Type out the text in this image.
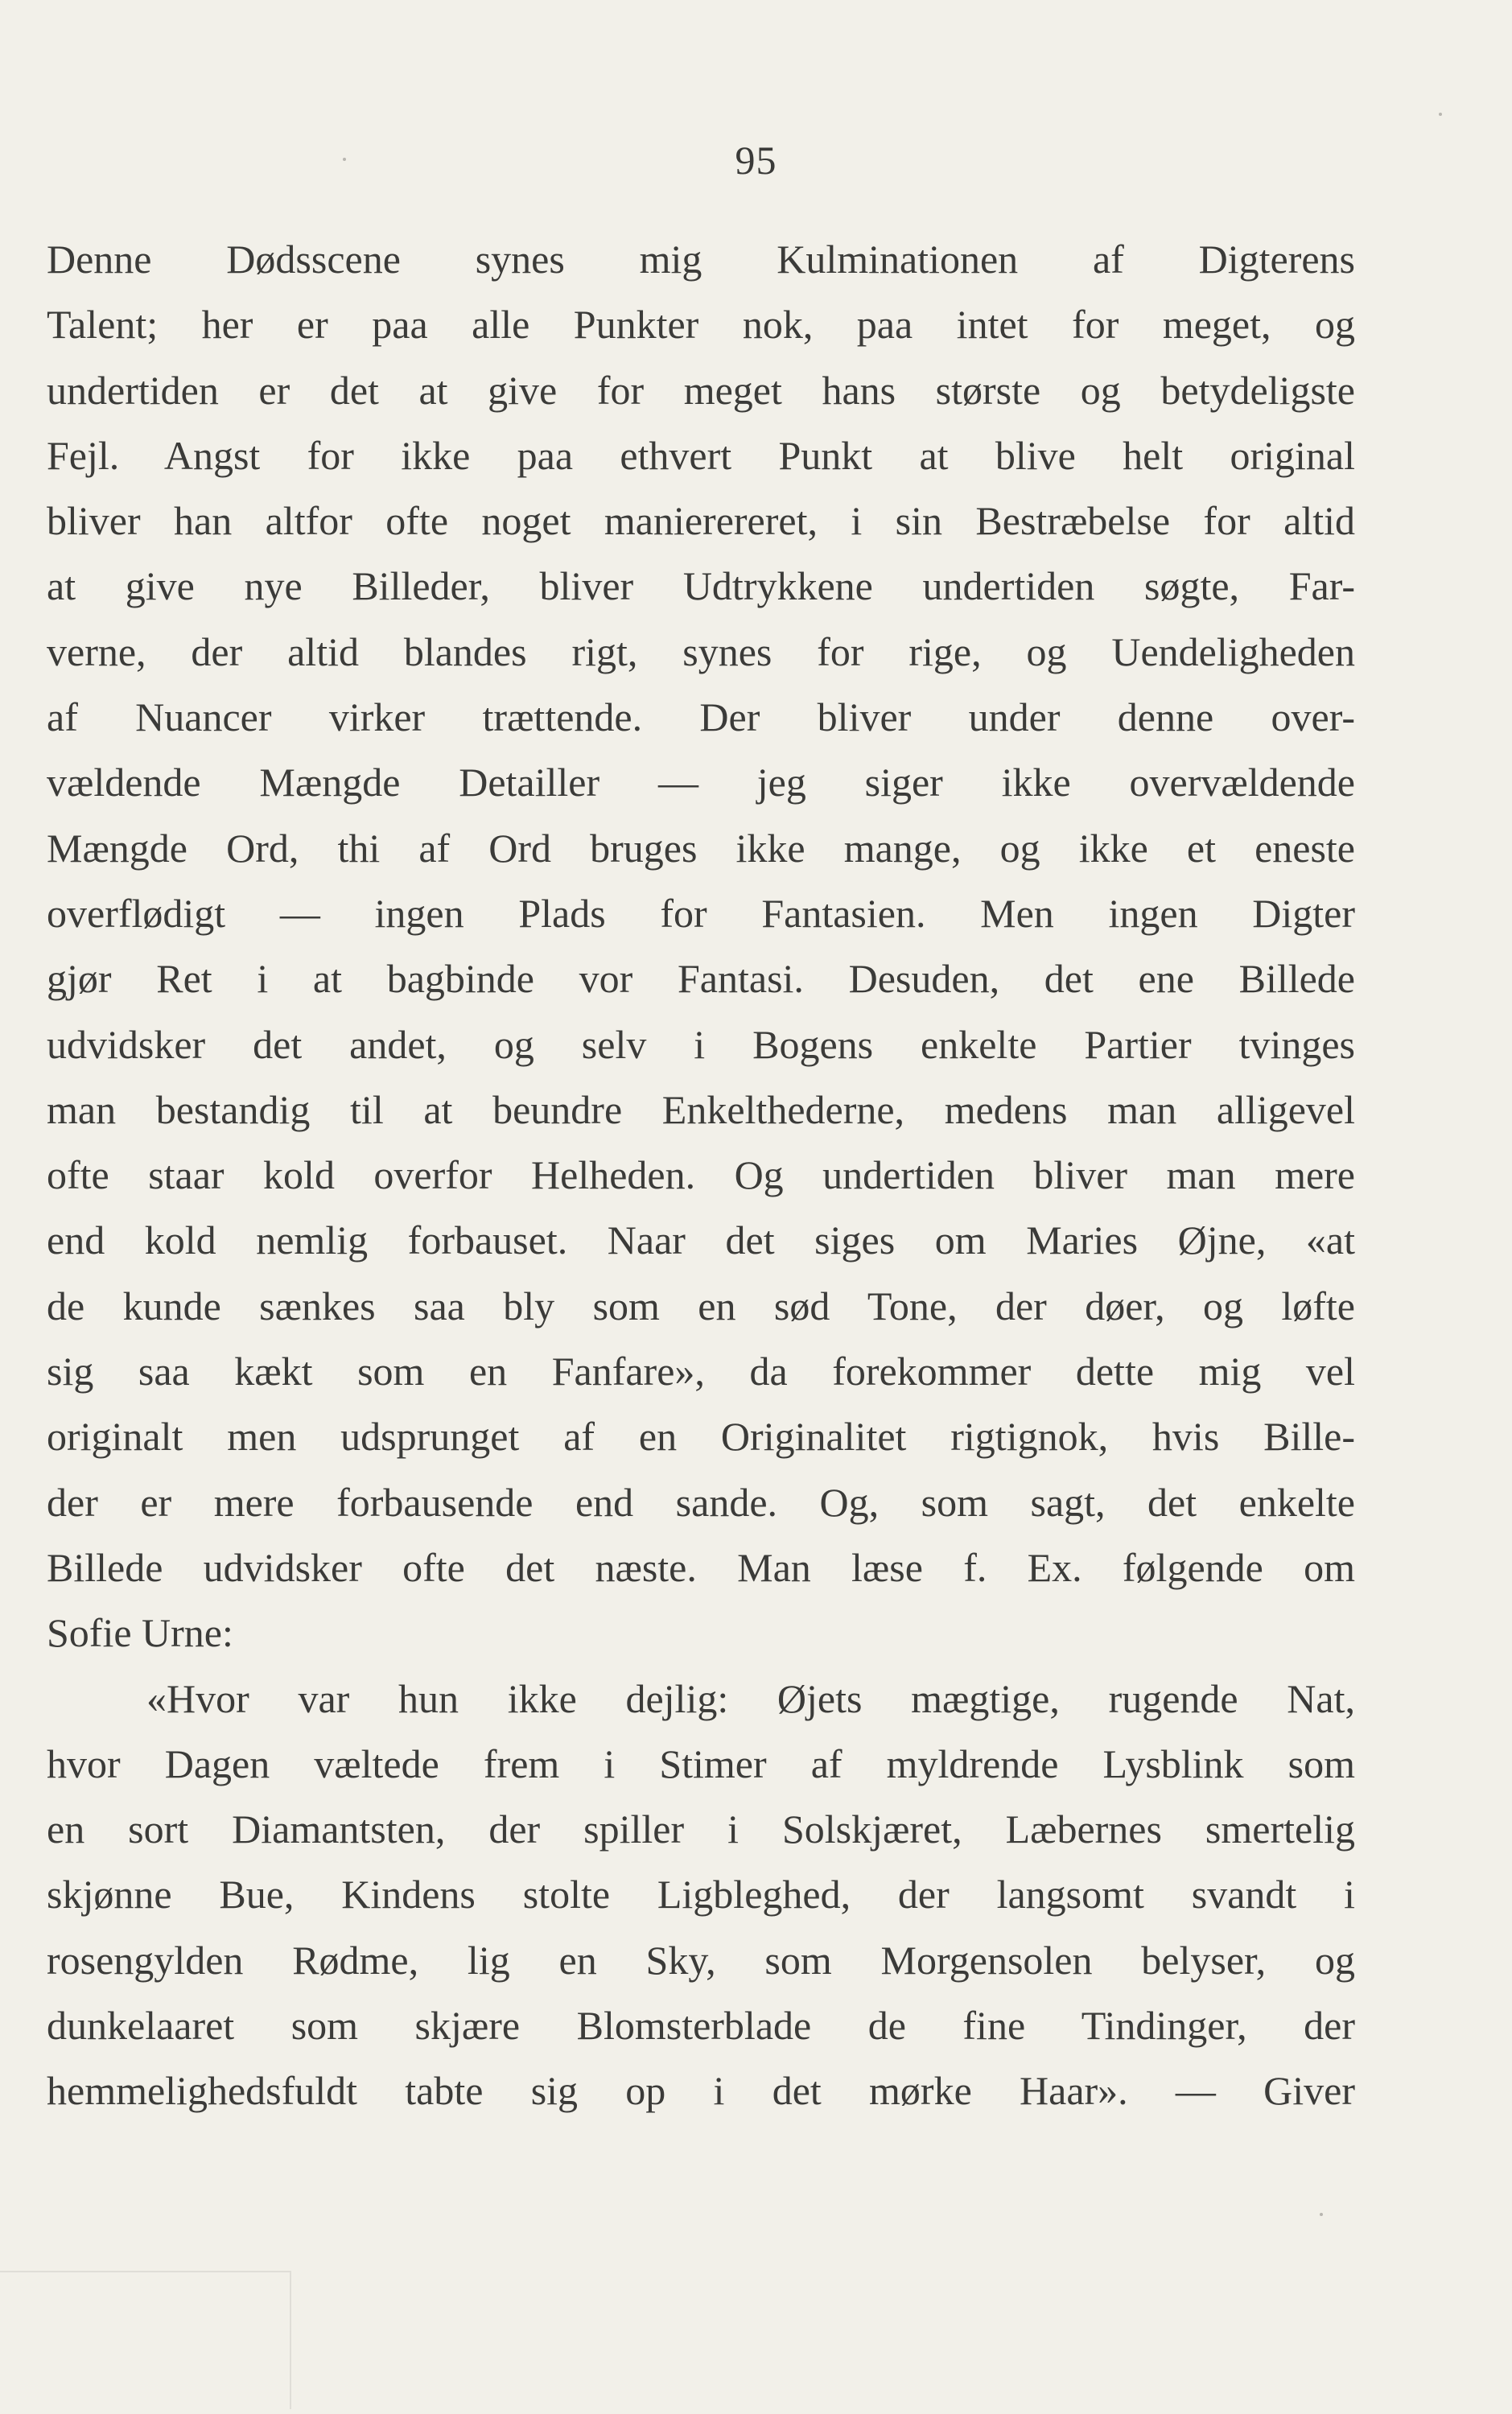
95
Denne Dødsscene synes mig Kulminationen af Digterens
Talent; her er paa alle Punkter nok, paa intet for meget, og
undertiden er det at give for meget hans største og betydeligste
Fejl. Angst for ikke paa ethvert Punkt at blive helt original
bliver han altfor ofte noget manierereret, i sin Bestræbelse for altid
at give nye Billeder, bliver Udtrykkene undertiden søgte, Far-
verne, der altid blandes rigt, synes for rige, og Uendeligheden
af Nuancer virker trættende. Der bliver under denne over-
vældende Mængde Detailler — jeg siger ikke overvældende
Mængde Ord, thi af Ord bruges ikke mange, og ikke et eneste
overflødigt — ingen Plads for Fantasien. Men ingen Digter
gjør Ret i at bagbinde vor Fantasi. Desuden, det ene Billede
udvidsker det andet, og selv i Bogens enkelte Partier tvinges
man bestandig til at beundre Enkelthederne, medens man alligevel
ofte staar kold overfor Helheden. Og undertiden bliver man mere
end kold nemlig forbauset. Naar det siges om Maries Øjne, «at
de kunde sænkes saa bly som en sød Tone, der døer, og løfte
sig saa kækt som en Fanfare», da forekommer dette mig vel
originalt men udsprunget af en Originalitet rigtignok, hvis Bille-
der er mere forbausende end sande. Og, som sagt, det enkelte
Billede udvidsker ofte det næste. Man læse f. Ex. følgende om
Sofie Urne:
«Hvor var hun ikke dejlig: Øjets mægtige, rugende Nat,
hvor Dagen væltede frem i Stimer af myldrende Lysblink som
en sort Diamantsten, der spiller i Solskjæret, Læbernes smertelig
skjønne Bue, Kindens stolte Ligbleghed, der langsomt svandt i
rosengylden Rødme, lig en Sky, som Morgensolen belyser, og
dunkelaaret som skjære Blomsterblade de fine Tindinger, der
hemmelighedsfuldt tabte sig op i det mørke Haar». — Giver
